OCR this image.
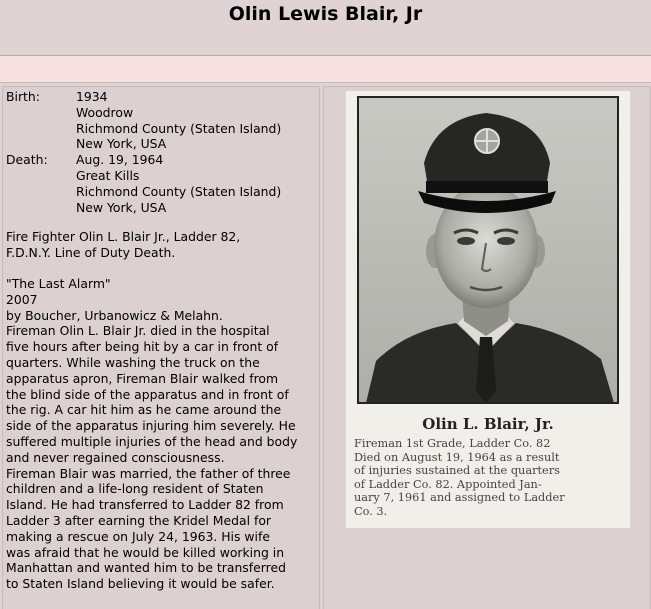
Olin Lewis Blair, Jr
Birth:	1934
Woodrow
Richmond County (Staten Island)
New York, USA
Death:	Aug. 19, 1964
Great Kills
Richmond County (Staten Island)
New York, USA
Fire Fighter Olin L. Blair Jr., Ladder 82,
F.D.N.Y. Line of Duty Death.
"The Last Alarm"
2007
by Boucher, Urbanowicz & Melahn.
Fireman Olin L. Blair Jr. died in the hospital
five hours after being hit by a car in front of
quarters. While washing the truck on the
apparatus apron, Fireman Blair walked from
the blind side of the apparatus and in front of
the rig. A car hit him as he came around the
side of the apparatus injuring him severely. He
suffered multiple injuries of the head and body
and never regained consciousness.
Fireman Blair was married, the father of three
children and a life-long resident of Staten
Island. He had transferred to Ladder 82 from
Ladder 3 after earning the Kridel Medal for
making a rescue on July 24, 1963. His wife
was afraid that he would be killed working in
Manhattan and wanted him to be transferred
to Staten Island believing it would be safer.
Olin L. Blair, Jr.
Fireman 1st Grade, Ladder Co. 82
Died on August 19, 1964 as a result
of injuries sustained at the quarters
of Ladder Co. 82. Appointed Jan-
uary 7, 1961 and assigned to Ladder
Co. 3.
